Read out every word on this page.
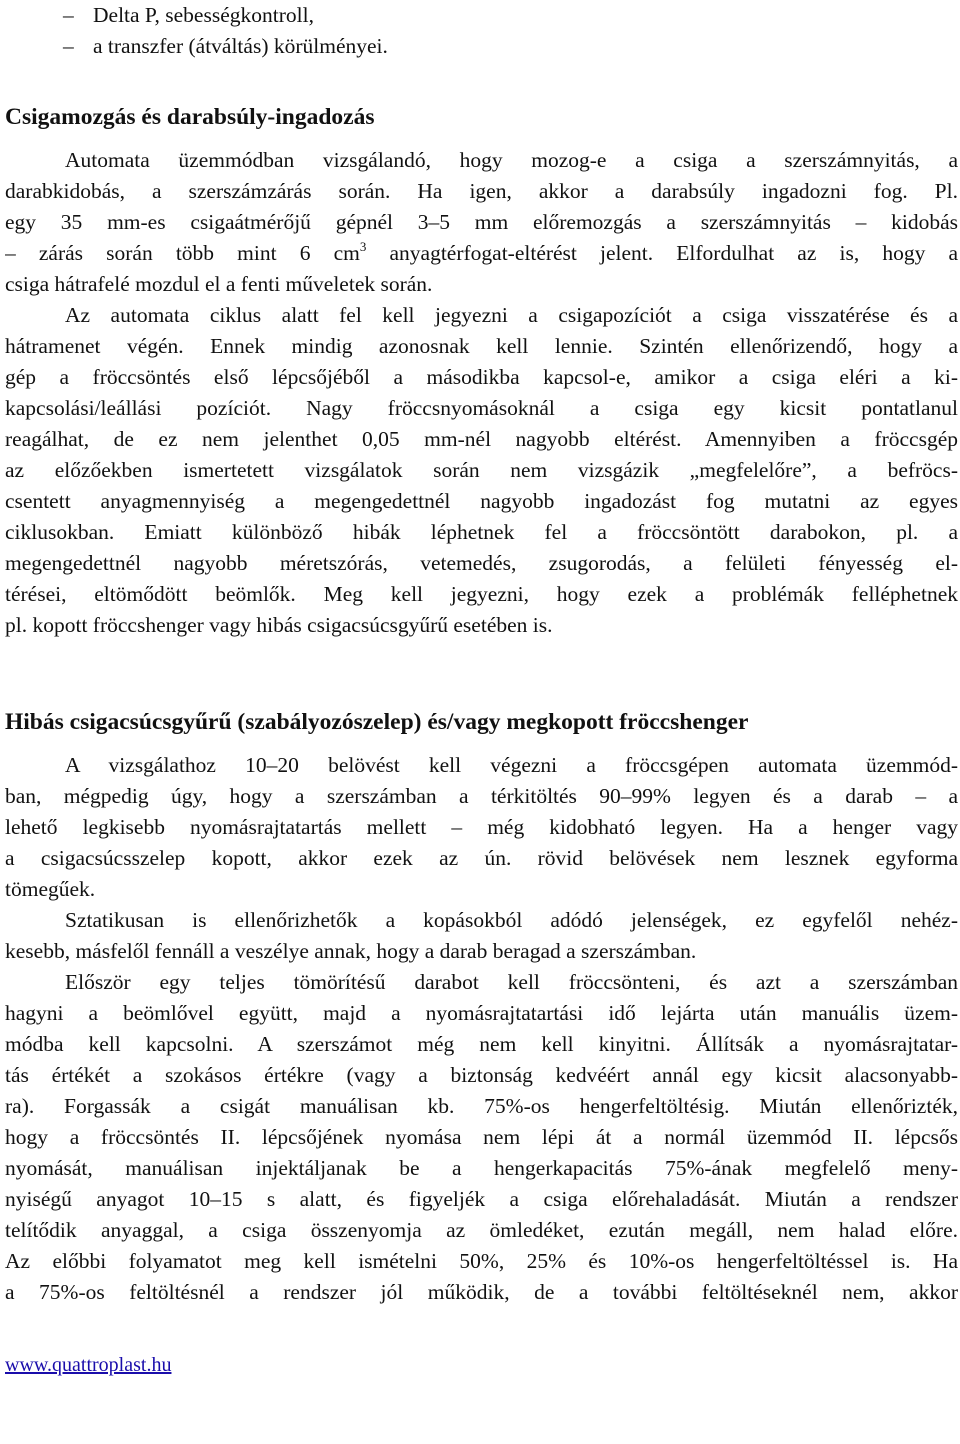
– Delta P, sebességkontroll,
– a transzfer (átváltás) körülményei.
Csigamozgás és darabsúly-ingadozás
Automata üzemmódban vizsgálandó, hogy mozog-e a csiga a szerszámnyitás, a
darabkidobás, a szerszámzárás során. Ha igen, akkor a darabsúly ingadozni fog. Pl.
egy 35 mm-es csigaátmérőjű gépnél 3–5 mm előremozgás a szerszámnyitás – kidobás
– zárás során több mint 6 $cm^3$ anyagtérfogat-eltérést jelent. Elfordulhat az is, hogy a
csiga hátrafelé mozdul el a fenti műveletek során.
Az automata ciklus alatt fel kell jegyezni a csigapozíciót a csiga visszatérése és a
hátramenet végén. Ennek mindig azonosnak kell lennie. Szintén ellenőrizendő, hogy a
gép a fröccsöntés első lépcsőjéből a másodikba kapcsol-e, amikor a csiga eléri a ki-
kapcsolási/leállási pozíciót. Nagy fröccsnyomásoknál a csiga egy kicsit pontatlanul
reagálhat, de ez nem jelenthet 0,05 mm-nél nagyobb eltérést. Amennyiben a fröccsgép
az előzőekben ismertetett vizsgálatok során nem vizsgázik „megfelelőre”, a befröcs-
csentett anyagmennyiség a megengedettnél nagyobb ingadozást fog mutatni az egyes
ciklusokban. Emiatt különböző hibák léphetnek fel a fröccsöntött darabokon, pl. a
megengedettnél nagyobb méretszórás, vetemedés, zsugorodás, a felületi fényesség el-
térései, eltömődött beömlők. Meg kell jegyezni, hogy ezek a problémák felléphetnek
pl. kopott fröccshenger vagy hibás csigacsúcsgyűrű esetében is.
Hibás csigacsúcsgyűrű (szabályozószelep) és/vagy megkopott fröccshenger
A vizsgálathoz 10–20 belövést kell végezni a fröccsgépen automata üzemmód-
ban, mégpedig úgy, hogy a szerszámban a térkitöltés 90–99% legyen és a darab – a
lehető legkisebb nyomásrajtatartás mellett – még kidobható legyen. Ha a henger vagy
a csigacsúcsszelep kopott, akkor ezek az ún. rövid belövések nem lesznek egyforma
tömegűek.
Sztatikusan is ellenőrizhetők a kopásokból adódó jelenségek, ez egyfelől nehéz-
kesebb, másfelől fennáll a veszélye annak, hogy a darab beragad a szerszámban.
Először egy teljes tömörítésű darabot kell fröccsönteni, és azt a szerszámban
hagyni a beömlővel együtt, majd a nyomásrajtatartási idő lejárta után manuális üzem-
módba kell kapcsolni. A szerszámot még nem kell kinyitni. Állítsák a nyomásrajtatar-
tás értékét a szokásos értékre (vagy a biztonság kedvéért annál egy kicsit alacsonyabb-
ra). Forgassák a csigát manuálisan kb. 75%-os hengerfeltöltésig. Miután ellenőrizték,
hogy a fröccsöntés II. lépcsőjének nyomása nem lépi át a normál üzemmód II. lépcsős
nyomását, manuálisan injektáljanak be a hengerkapacitás 75%-ának megfelelő meny-
nyiségű anyagot 10–15 s alatt, és figyeljék a csiga előrehaladását. Miután a rendszer
telítődik anyaggal, a csiga összenyomja az ömledéket, ezután megáll, nem halad előre.
Az előbbi folyamatot meg kell ismételni 50%, 25% és 10%-os hengerfeltöltéssel is. Ha
a 75%-os feltöltésnél a rendszer jól működik, de a további feltöltéseknél nem, akkor
www.quattroplast.hu
